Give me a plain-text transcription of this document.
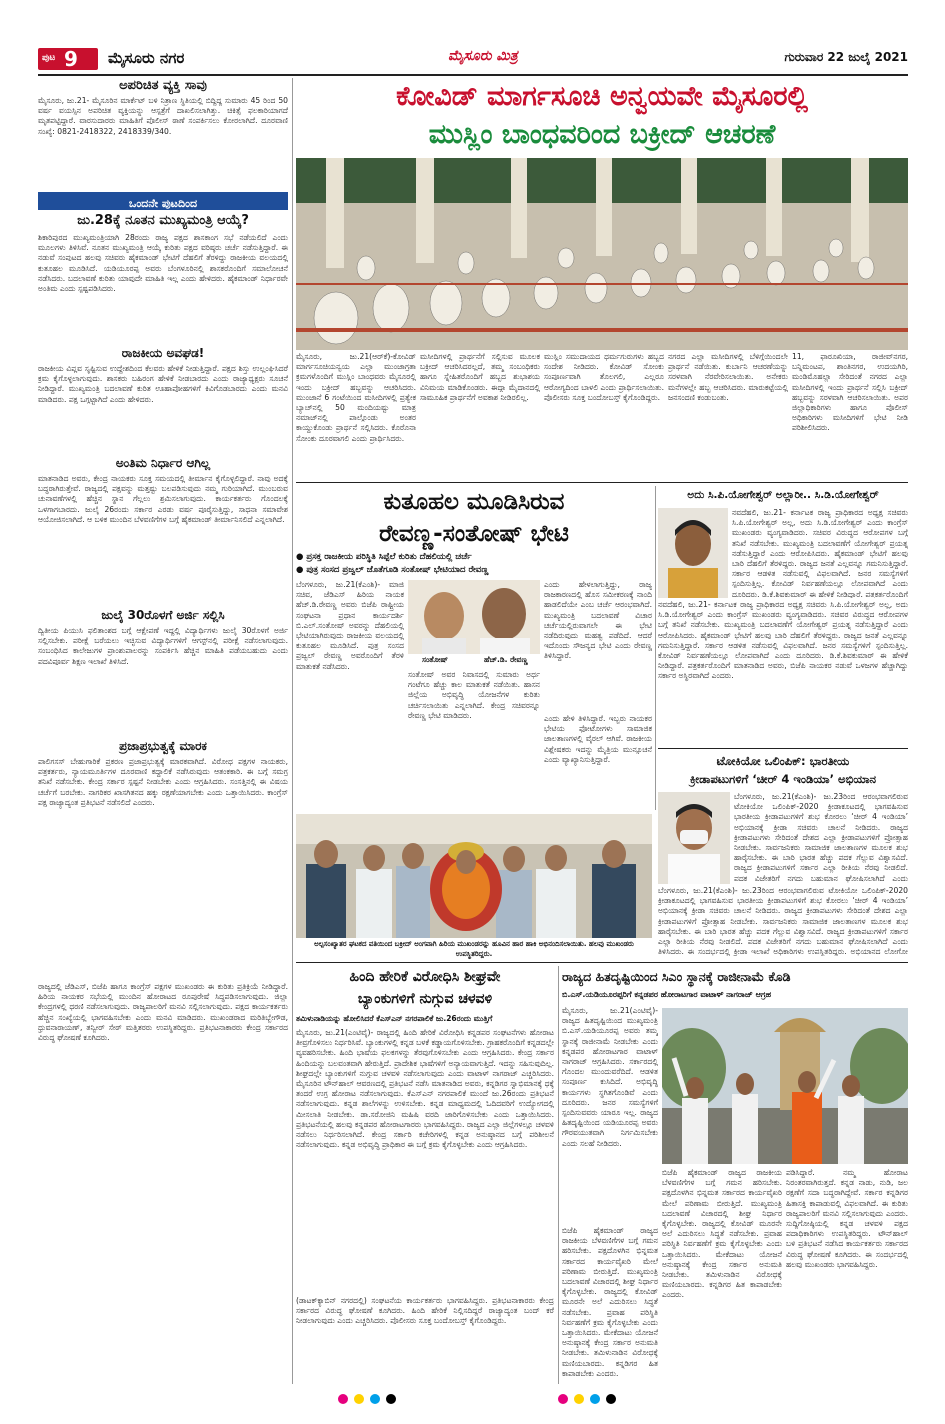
ಪುಟ 9 ಮೈಸೂರು ನಗರ	ಮೈಸೂರು ಮಿತ್ರ	ಗುರುವಾರ 22 ಜುಲೈ 2021
ಅಪರಿಚಿತ ವ್ಯಕ್ತಿ ಸಾವು
ಮೈಸೂರು, ಜು.21- ಮೈಸೂರಿನ ಮಾರ್ಕೆಟ್ ಬಳಿ ನಿತ್ರಾಣ ಸ್ಥಿತಿಯಲ್ಲಿ ಬಿದ್ದಿದ್ದ ಸುಮಾರು 45 ರಿಂದ 50 ವರ್ಷ ವಯಸ್ಸಿನ ಅಪರಿಚಿತ ವ್ಯಕ್ತಿಯನ್ನು ಆಸ್ಪತ್ರೆಗೆ ದಾಖಲಿಸಲಾಗಿತ್ತು. ಚಿಕಿತ್ಸೆ ಫಲಕಾರಿಯಾಗದೆ ಮೃತಪಟ್ಟಿದ್ದಾರೆ. ವಾರಸುದಾರರು ಮಾಹಿತಿಗೆ ಪೊಲೀಸ್ ಠಾಣೆ ಸಂಪರ್ಕಿಸಲು ಕೋರಲಾಗಿದೆ. ದೂರವಾಣಿ ಸಂಖ್ಯೆ: 0821-2418322, 2418339/340.
ಒಂದನೇ ಪುಟದಿಂದ
ಜು.28ಕ್ಕೆ ನೂತನ ಮುಖ್ಯಮಂತ್ರಿ ಆಯ್ಕೆ?
ಶಿಕಾರಿಪುರದ ಮುಖ್ಯಮಂತ್ರಿಯಾಗಿ 28ರಂದು ರಾಜ್ಯ ಪಕ್ಷದ ಶಾಸಕಾಂಗ ಸಭೆ ನಡೆಯಲಿದೆ ಎಂದು ಮೂಲಗಳು ತಿಳಿಸಿವೆ. ನೂತನ ಮುಖ್ಯಮಂತ್ರಿ ಆಯ್ಕೆ ಕುರಿತು ಪಕ್ಷದ ವರಿಷ್ಠರು ಚರ್ಚೆ ನಡೆಸುತ್ತಿದ್ದಾರೆ. ಈ ನಡುವೆ ಸಂಪುಟದ ಹಲವು ಸಚಿವರು ಹೈಕಮಾಂಡ್ ಭೇಟಿಗೆ ದೆಹಲಿಗೆ ತೆರಳಿದ್ದು ರಾಜಕೀಯ ವಲಯದಲ್ಲಿ ಕುತೂಹಲ ಮೂಡಿಸಿದೆ. ಯಡಿಯೂರಪ್ಪ ಅವರು ಬೆಂಗಳೂರಿನಲ್ಲಿ ಶಾಸಕರೊಂದಿಗೆ ಸಮಾಲೋಚನೆ ನಡೆಸಿದರು. ಬದಲಾವಣೆ ಕುರಿತು ಯಾವುದೇ ಮಾಹಿತಿ ಇಲ್ಲ ಎಂದು ಹೇಳಿದರು. ಹೈಕಮಾಂಡ್ ನಿರ್ಧಾರವೇ ಅಂತಿಮ ಎಂದು ಸ್ಪಷ್ಟಪಡಿಸಿದರು.
ರಾಜಕೀಯ ಅವಘಡ!
ರಾಜಕೀಯ ವಿಪ್ಲವ ಸೃಷ್ಟಿಸುವ ಉದ್ದೇಶದಿಂದ ಕೆಲವರು ಹೇಳಿಕೆ ನೀಡುತ್ತಿದ್ದಾರೆ. ಪಕ್ಷದ ಶಿಸ್ತು ಉಲ್ಲಂಘಿಸಿದರೆ ಕ್ರಮ ಕೈಗೊಳ್ಳಲಾಗುವುದು. ಶಾಸಕರು ಬಹಿರಂಗ ಹೇಳಿಕೆ ನೀಡಬಾರದು ಎಂದು ರಾಜ್ಯಾಧ್ಯಕ್ಷರು ಸೂಚನೆ ನೀಡಿದ್ದಾರೆ. ಮುಖ್ಯಮಂತ್ರಿ ಬದಲಾವಣೆ ಕುರಿತ ಊಹಾಪೋಹಗಳಿಗೆ ಕಿವಿಗೊಡಬಾರದು ಎಂದು ಮನವಿ ಮಾಡಿದರು. ಪಕ್ಷ ಒಗ್ಗಟ್ಟಾಗಿದೆ ಎಂದು ಹೇಳಿದರು.
ಅಂತಿಮ ನಿರ್ಧಾರ ಆಗಿಲ್ಲ
ಮಾತನಾಡಿದ ಅವರು, ಕೇಂದ್ರ ನಾಯಕರು ಸೂಕ್ತ ಸಮಯದಲ್ಲಿ ತೀರ್ಮಾನ ಕೈಗೊಳ್ಳಲಿದ್ದಾರೆ. ನಾವು ಅದಕ್ಕೆ ಬದ್ಧರಾಗಿರುತ್ತೇವೆ. ರಾಜ್ಯದಲ್ಲಿ ಪಕ್ಷವನ್ನು ಮತ್ತಷ್ಟು ಬಲಪಡಿಸುವುದು ನಮ್ಮ ಗುರಿಯಾಗಿದೆ. ಮುಂಬರುವ ಚುನಾವಣೆಗಳಲ್ಲಿ ಹೆಚ್ಚಿನ ಸ್ಥಾನ ಗೆಲ್ಲಲು ಶ್ರಮಿಸಲಾಗುವುದು. ಕಾರ್ಯಕರ್ತರು ಗೊಂದಲಕ್ಕೆ ಒಳಗಾಗಬಾರದು. ಜುಲೈ 26ರಂದು ಸರ್ಕಾರ ಎರಡು ವರ್ಷ ಪೂರೈಸುತ್ತಿದ್ದು, ಸಾಧನಾ ಸಮಾವೇಶ ಆಯೋಜಿಸಲಾಗಿದೆ. ಆ ಬಳಿಕ ಮುಂದಿನ ಬೆಳವಣಿಗೆಗಳ ಬಗ್ಗೆ ಹೈಕಮಾಂಡ್ ತೀರ್ಮಾನಿಸಲಿದೆ ಎನ್ನಲಾಗಿದೆ.
ಜುಲೈ 30ರೊಳಗೆ ಅರ್ಜಿ ಸಲ್ಲಿಸಿ
ದ್ವಿತೀಯ ಪಿಯುಸಿ ಫಲಿತಾಂಶದ ಬಗ್ಗೆ ಆಕ್ಷೇಪಣೆ ಇದ್ದಲ್ಲಿ ವಿದ್ಯಾರ್ಥಿಗಳು ಜುಲೈ 30ರೊಳಗೆ ಅರ್ಜಿ ಸಲ್ಲಿಸಬೇಕು. ಪರೀಕ್ಷೆ ಬರೆಯಲು ಇಚ್ಛಿಸುವ ವಿದ್ಯಾರ್ಥಿಗಳಿಗೆ ಆಗಸ್ಟ್‌ನಲ್ಲಿ ಪರೀಕ್ಷೆ ನಡೆಸಲಾಗುವುದು. ಸಂಬಂಧಿಸಿದ ಕಾಲೇಜುಗಳ ಪ್ರಾಂಶುಪಾಲರನ್ನು ಸಂಪರ್ಕಿಸಿ ಹೆಚ್ಚಿನ ಮಾಹಿತಿ ಪಡೆಯಬಹುದು ಎಂದು ಪದವಿಪೂರ್ವ ಶಿಕ್ಷಣ ಇಲಾಖೆ ತಿಳಿಸಿದೆ.
ಪ್ರಜಾಪ್ರಭುತ್ವಕ್ಕೆ ಮಾರಕ
ಪಾಲಿಗಸಸ್ ಬೇಹುಗಾರಿಕೆ ಪ್ರಕರಣ ಪ್ರಜಾಪ್ರಭುತ್ವಕ್ಕೆ ಮಾರಕವಾಗಿದೆ. ವಿರೋಧ ಪಕ್ಷಗಳ ನಾಯಕರು, ಪತ್ರಕರ್ತರು, ನ್ಯಾಯಮೂರ್ತಿಗಳ ದೂರವಾಣಿ ಕದ್ದಾಲಿಕೆ ನಡೆಸಿರುವುದು ಆತಂಕಕಾರಿ. ಈ ಬಗ್ಗೆ ಸಮಗ್ರ ತನಿಖೆ ನಡೆಸಬೇಕು. ಕೇಂದ್ರ ಸರ್ಕಾರ ಸ್ಪಷ್ಟನೆ ನೀಡಬೇಕು ಎಂದು ಆಗ್ರಹಿಸಿದರು. ಸಂಸತ್ತಿನಲ್ಲಿ ಈ ವಿಷಯ ಚರ್ಚೆಗೆ ಬರಬೇಕು. ನಾಗರಿಕರ ಖಾಸಗಿತನದ ಹಕ್ಕು ರಕ್ಷಣೆಯಾಗಬೇಕು ಎಂದು ಒತ್ತಾಯಿಸಿದರು. ಕಾಂಗ್ರೆಸ್ ಪಕ್ಷ ರಾಜ್ಯಾದ್ಯಂತ ಪ್ರತಿಭಟನೆ ನಡೆಸಲಿದೆ ಎಂದರು.
ರಾಜ್ಯದಲ್ಲಿ ಜೆಡಿಎಸ್, ಬಿಜೆಪಿ ಹಾಗೂ ಕಾಂಗ್ರೆಸ್ ಪಕ್ಷಗಳ ಮುಖಂಡರು ಈ ಕುರಿತು ಪ್ರತಿಕ್ರಿಯೆ ನೀಡಿದ್ದಾರೆ. ಹಿರಿಯ ನಾಯಕರ ಸಭೆಯಲ್ಲಿ ಮುಂದಿನ ಹೋರಾಟದ ರೂಪುರೇಷೆ ಸಿದ್ಧಪಡಿಸಲಾಗುವುದು. ಜಿಲ್ಲಾ ಕೇಂದ್ರಗಳಲ್ಲಿ ಧರಣಿ ನಡೆಸಲಾಗುವುದು. ರಾಜ್ಯಪಾಲರಿಗೆ ಮನವಿ ಸಲ್ಲಿಸಲಾಗುವುದು. ಪಕ್ಷದ ಕಾರ್ಯಕರ್ತರು ಹೆಚ್ಚಿನ ಸಂಖ್ಯೆಯಲ್ಲಿ ಭಾಗವಹಿಸಬೇಕು ಎಂದು ಮನವಿ ಮಾಡಿದರು. ಮುಖಂಡರಾದ ಮರಿತಿಬ್ಬೇಗೌಡ, ಧ್ರುವನಾರಾಯಣ್, ತನ್ವೀರ್ ಸೇಠ್ ಮತ್ತಿತರರು ಉಪಸ್ಥಿತರಿದ್ದರು. ಪ್ರತಿಭಟನಾಕಾರರು ಕೇಂದ್ರ ಸರ್ಕಾರದ ವಿರುದ್ಧ ಘೋಷಣೆ ಕೂಗಿದರು.
ಕೋವಿಡ್ ಮಾರ್ಗಸೂಚಿ ಅನ್ವಯವೇ ಮೈಸೂರಲ್ಲಿ
ಮುಸ್ಲಿಂ ಬಾಂಧವರಿಂದ ಬಕ್ರೀದ್ ಆಚರಣೆ
ಮೈಸೂರು, ಜು.21(ಆರ್‌ಕೆ)-ಕೋವಿಡ್ ಮಾರ್ಗಸೂಚಿಯನ್ವಯ ಎಲ್ಲಾ ಮುಂಜಾಗ್ರತಾ ಕ್ರಮಗಳೊಂದಿಗೆ ಮುಸ್ಲಿಂ ಬಾಂಧವರು ಮೈಸೂರಲ್ಲಿ ಇಂದು ಬಕ್ರೀದ್ ಹಬ್ಬವನ್ನು ಆಚರಿಸಿದರು. ಮುಂಜಾನೆ 6 ಗಂಟೆಯಿಂದ ಮಸೀದಿಗಳಲ್ಲಿ ಪ್ರತ್ಯೇಕ ಬ್ಯಾಚ್‌ನಲ್ಲಿ 50 ಮಂದಿಯಷ್ಟು ಮಾತ್ರ ನಮಾಜ್‌ನಲ್ಲಿ ಪಾಲ್ಗೊಂಡು ಅಂತರ ಕಾಯ್ದುಕೊಂಡು ಪ್ರಾರ್ಥನೆ ಸಲ್ಲಿಸಿದರು. ಕೊರೊನಾ ಸೋಂಕು ದೂರವಾಗಲಿ ಎಂದು ಪ್ರಾರ್ಥಿಸಿದರು.
ಮಸೀದಿಗಳಲ್ಲಿ ಪ್ರಾರ್ಥನೆಗೆ ಸಲ್ಲಿಸುವ ಮೂಲಕ ಬಕ್ರೀದ್ ಆಚರಿಸಿದರಲ್ಲದೆ, ತಮ್ಮ ಸಂಬಂಧಿಕರು ಹಾಗೂ ಸ್ನೇಹಿತರೊಂದಿಗೆ ಹಬ್ಬದ ಶುಭಾಶಯ ವಿನಿಮಯ ಮಾಡಿಕೊಂಡರು. ಈದ್ಗಾ ಮೈದಾನದಲ್ಲಿ ಸಾಮೂಹಿಕ ಪ್ರಾರ್ಥನೆಗೆ ಅವಕಾಶ ನೀಡಿರಲಿಲ್ಲ.
ಮುಸ್ಲಿಂ ಸಮುದಾಯದ ಧರ್ಮಗುರುಗಳು ಹಬ್ಬದ ಸಂದೇಶ ನೀಡಿದರು. ಕೋವಿಡ್ ಸೋಂಕು ಸಂಪೂರ್ಣವಾಗಿ ತೊಲಗಲಿ, ಎಲ್ಲರೂ ಆರೋಗ್ಯದಿಂದ ಬಾಳಲಿ ಎಂದು ಪ್ರಾರ್ಥಿಸಲಾಯಿತು. ಪೊಲೀಸರು ಸೂಕ್ತ ಬಂದೋಬಸ್ತ್ ಕೈಗೊಂಡಿದ್ದರು.
ನಗರದ ಎಲ್ಲಾ ಮಸೀದಿಗಳಲ್ಲಿ ಬೆಳಿಗ್ಗೆಯಿಂದಲೇ ಪ್ರಾರ್ಥನೆ ನಡೆಯಿತು. ಕುರ್ಬಾನಿ ಆಚರಣೆಯನ್ನು ಸರಳವಾಗಿ ನೆರವೇರಿಸಲಾಯಿತು. ಅನೇಕರು ಮನೆಗಳಲ್ಲೇ ಹಬ್ಬ ಆಚರಿಸಿದರು. ಮಾರುಕಟ್ಟೆಯಲ್ಲಿ ಜನಸಂದಣಿ ಕಂಡುಬಂತು.
11, ಫಾರೂಖಿಯಾ, ರಾಜೀವ್‌ನಗರ, ಬನ್ನಿಮಂಟಪ, ಶಾಂತಿನಗರ, ಉದಯಗಿರಿ, ಮಂಡಿಮೊಹಲ್ಲಾ ಸೇರಿದಂತೆ ನಗರದ ಎಲ್ಲಾ ಮಸೀದಿಗಳಲ್ಲಿ ಇಂದು ಪ್ರಾರ್ಥನೆ ಸಲ್ಲಿಸಿ ಬಕ್ರೀದ್ ಹಬ್ಬವನ್ನು ಸರಳವಾಗಿ ಆಚರಿಸಲಾಯಿತು. ಅಪರ ಜಿಲ್ಲಾಧಿಕಾರಿಗಳು ಹಾಗೂ ಪೊಲೀಸ್ ಅಧಿಕಾರಿಗಳು ಮಸೀದಿಗಳಿಗೆ ಭೇಟಿ ನೀಡಿ ಪರಿಶೀಲಿಸಿದರು.
ಕುತೂಹಲ ಮೂಡಿಸಿರುವ
ರೇವಣ್ಣ-ಸಂತೋಷ್ ಭೇಟಿ
● ಪ್ರಸಕ್ತ ರಾಜಕೀಯ ಪರಿಸ್ಥಿತಿ ಸಿಪ್ಪೆಲೆ ಕುರಿತು ದೆಹಲಿಯಲ್ಲಿ ಚರ್ಚೆ
● ಪುತ್ರ ಸಂಸದ ಪ್ರಜ್ವಲ್ ಜೊತೆಗೂಡಿ ಸಂತೋಷ್ ಭೇಟಿಯಾದ ರೇವಣ್ಣ
ಬೆಂಗಳೂರು, ಜು.21(ಕೆಎಂಶಿ)- ಮಾಜಿ ಸಚಿವ, ಜೆಡಿಎಸ್ ಹಿರಿಯ ನಾಯಕ ಹೆಚ್.ಡಿ.ರೇವಣ್ಣ ಅವರು ಬಿಜೆಪಿ ರಾಷ್ಟ್ರೀಯ ಸಂಘಟನಾ ಪ್ರಧಾನ ಕಾರ್ಯದರ್ಶಿ ಬಿ.ಎಲ್.ಸಂತೋಷ್ ಅವರನ್ನು ದೆಹಲಿಯಲ್ಲಿ ಭೇಟಿಯಾಗಿರುವುದು ರಾಜಕೀಯ ವಲಯದಲ್ಲಿ ಕುತೂಹಲ ಮೂಡಿಸಿದೆ. ಪುತ್ರ ಸಂಸದ ಪ್ರಜ್ವಲ್ ರೇವಣ್ಣ ಅವರೊಂದಿಗೆ ತೆರಳಿ ಮಾತುಕತೆ ನಡೆಸಿದರು.
ಸಂತೋಷ್	ಹೆಚ್.ಡಿ. ರೇವಣ್ಣ
ಸಂತೋಷ್ ಅವರ ನಿವಾಸದಲ್ಲಿ ಸುಮಾರು ಅರ್ಧ ಗಂಟೆಗೂ ಹೆಚ್ಚು ಕಾಲ ಮಾತುಕತೆ ನಡೆಯಿತು. ಹಾಸನ ಜಿಲ್ಲೆಯ ಅಭಿವೃದ್ಧಿ ಯೋಜನೆಗಳ ಕುರಿತು ಚರ್ಚಿಸಲಾಯಿತು ಎನ್ನಲಾಗಿದೆ. ಕೇಂದ್ರ ಸಚಿವರನ್ನೂ ರೇವಣ್ಣ ಭೇಟಿ ಮಾಡಿದರು.
ಎಂದು ಹೇಳಲಾಗುತ್ತಿದ್ದು, ರಾಜ್ಯ ರಾಜಕಾರಣದಲ್ಲಿ ಹೊಸ ಸಮೀಕರಣಕ್ಕೆ ನಾಂದಿ ಹಾಡಲಿದೆಯೇ ಎಂಬ ಚರ್ಚೆ ಆರಂಭವಾಗಿದೆ. ಮುಖ್ಯಮಂತ್ರಿ ಬದಲಾವಣೆ ವಿಚಾರ ಚರ್ಚೆಯಲ್ಲಿರುವಾಗಲೇ ಈ ಭೇಟಿ ನಡೆದಿರುವುದು ಮಹತ್ವ ಪಡೆದಿದೆ. ಆದರೆ ಇದೊಂದು ಸೌಜನ್ಯದ ಭೇಟಿ ಎಂದು ರೇವಣ್ಣ ತಿಳಿಸಿದ್ದಾರೆ.
ಎಂದು ಹೇಳಿ ತಿಳಿಸಿದ್ದಾರೆ. ಇಬ್ಬರು ನಾಯಕರ ಭೇಟಿಯ ಫೋಟೋಗಳು ಸಾಮಾಜಿಕ ಜಾಲತಾಣಗಳಲ್ಲಿ ವೈರಲ್ ಆಗಿವೆ. ರಾಜಕೀಯ ವಿಶ್ಲೇಷಕರು ಇದನ್ನು ಮೈತ್ರಿಯ ಮುನ್ಸೂಚನೆ ಎಂದು ವ್ಯಾಖ್ಯಾನಿಸುತ್ತಿದ್ದಾರೆ.
ಅಲ್ಪಸಂಖ್ಯಾತರ ಘಟಕದ ವತಿಯಿಂದ ಬಕ್ರೀದ್ ಅಂಗವಾಗಿ ಹಿರಿಯ ಮುಖಂಡರನ್ನು ಹೂವಿನ ಹಾರ ಹಾಕಿ ಅಭಿನಂದಿಸಲಾಯಿತು. ಹಲವು ಮುಖಂಡರು ಉಪಸ್ಥಿತರಿದ್ದರು.
ಅದು ಸಿ.ಪಿ.ಯೋಗೇಶ್ವರ್ ಅಲ್ಲಾರೀ.. ಸಿ.ಡಿ.ಯೋಗೇಶ್ವರ್
ನವದೆಹಲಿ, ಜು.21- ಕರ್ನಾಟಕ ರಾಜ್ಯ ಪ್ರಾಧಿಕಾರದ ಅಧ್ಯಕ್ಷ ಸಚಿವರು ಸಿ.ಪಿ.ಯೋಗೇಶ್ವರ್ ಅಲ್ಲ, ಅದು ಸಿ.ಡಿ.ಯೋಗೇಶ್ವರ್ ಎಂದು ಕಾಂಗ್ರೆಸ್ ಮುಖಂಡರು ವ್ಯಂಗ್ಯವಾಡಿದರು. ಸಚಿವರ ವಿರುದ್ಧದ ಆರೋಪಗಳ ಬಗ್ಗೆ ತನಿಖೆ ನಡೆಸಬೇಕು. ಮುಖ್ಯಮಂತ್ರಿ ಬದಲಾವಣೆಗೆ ಯೋಗೇಶ್ವರ್ ಪ್ರಯತ್ನ ನಡೆಸುತ್ತಿದ್ದಾರೆ ಎಂದು ಆರೋಪಿಸಿದರು. ಹೈಕಮಾಂಡ್ ಭೇಟಿಗೆ ಹಲವು ಬಾರಿ ದೆಹಲಿಗೆ ತೆರಳಿದ್ದರು. ರಾಜ್ಯದ ಜನತೆ ಎಲ್ಲವನ್ನೂ ಗಮನಿಸುತ್ತಿದ್ದಾರೆ. ಸರ್ಕಾರ ಆಡಳಿತ ನಡೆಸುವಲ್ಲಿ ವಿಫಲವಾಗಿದೆ. ಜನರ ಸಮಸ್ಯೆಗಳಿಗೆ ಸ್ಪಂದಿಸುತ್ತಿಲ್ಲ. ಕೋವಿಡ್ ನಿರ್ವಹಣೆಯಲ್ಲೂ ಲೋಪವಾಗಿದೆ ಎಂದು ದೂರಿದರು. ಡಿ.ಕೆ.ಶಿವಕುಮಾರ್ ಈ ಹೇಳಿಕೆ ನೀಡಿದ್ದಾರೆ. ಪತ್ರಕರ್ತರೊಂದಿಗೆ
ನವದೆಹಲಿ, ಜು.21- ಕರ್ನಾಟಕ ರಾಜ್ಯ ಪ್ರಾಧಿಕಾರದ ಅಧ್ಯಕ್ಷ ಸಚಿವರು ಸಿ.ಪಿ.ಯೋಗೇಶ್ವರ್ ಅಲ್ಲ, ಅದು ಸಿ.ಡಿ.ಯೋಗೇಶ್ವರ್ ಎಂದು ಕಾಂಗ್ರೆಸ್ ಮುಖಂಡರು ವ್ಯಂಗ್ಯವಾಡಿದರು. ಸಚಿವರ ವಿರುದ್ಧದ ಆರೋಪಗಳ ಬಗ್ಗೆ ತನಿಖೆ ನಡೆಸಬೇಕು. ಮುಖ್ಯಮಂತ್ರಿ ಬದಲಾವಣೆಗೆ ಯೋಗೇಶ್ವರ್ ಪ್ರಯತ್ನ ನಡೆಸುತ್ತಿದ್ದಾರೆ ಎಂದು ಆರೋಪಿಸಿದರು. ಹೈಕಮಾಂಡ್ ಭೇಟಿಗೆ ಹಲವು ಬಾರಿ ದೆಹಲಿಗೆ ತೆರಳಿದ್ದರು. ರಾಜ್ಯದ ಜನತೆ ಎಲ್ಲವನ್ನೂ ಗಮನಿಸುತ್ತಿದ್ದಾರೆ. ಸರ್ಕಾರ ಆಡಳಿತ ನಡೆಸುವಲ್ಲಿ ವಿಫಲವಾಗಿದೆ. ಜನರ ಸಮಸ್ಯೆಗಳಿಗೆ ಸ್ಪಂದಿಸುತ್ತಿಲ್ಲ. ಕೋವಿಡ್ ನಿರ್ವಹಣೆಯಲ್ಲೂ ಲೋಪವಾಗಿದೆ ಎಂದು ದೂರಿದರು. ಡಿ.ಕೆ.ಶಿವಕುಮಾರ್ ಈ ಹೇಳಿಕೆ ನೀಡಿದ್ದಾರೆ. ಪತ್ರಕರ್ತರೊಂದಿಗೆ ಮಾತನಾಡಿದ ಅವರು, ಬಿಜೆಪಿ ನಾಯಕರ ನಡುವೆ ಒಳಜಗಳ ಹೆಚ್ಚಾಗಿದ್ದು ಸರ್ಕಾರ ಅಸ್ಥಿರವಾಗಿದೆ ಎಂದರು.
ಟೋಕಿಯೋ ಒಲಿಂಪಿಕ್: ಭಾರತೀಯ
ಕ್ರೀಡಾಪಟುಗಳಿಗೆ ‘ಚೀರ್ 4 ಇಂಡಿಯಾ’ ಅಭಿಯಾನ
ಬೆಂಗಳೂರು, ಜು.21(ಕೆಎಂಶಿ)- ಜು.23ರಿಂದ ಆರಂಭವಾಗಲಿರುವ ಟೋಕಿಯೋ ಒಲಿಂಪಿಕ್-2020 ಕ್ರೀಡಾಕೂಟದಲ್ಲಿ ಭಾಗವಹಿಸುವ ಭಾರತೀಯ ಕ್ರೀಡಾಪಟುಗಳಿಗೆ ಶುಭ ಕೋರಲು ‘ಚೀರ್ 4 ಇಂಡಿಯಾ’ ಅಭಿಯಾನಕ್ಕೆ ಕ್ರೀಡಾ ಸಚಿವರು ಚಾಲನೆ ನೀಡಿದರು. ರಾಜ್ಯದ ಕ್ರೀಡಾಪಟುಗಳು ಸೇರಿದಂತೆ ದೇಶದ ಎಲ್ಲಾ ಕ್ರೀಡಾಪಟುಗಳಿಗೆ ಪ್ರೋತ್ಸಾಹ ನೀಡಬೇಕು. ಸಾರ್ವಜನಿಕರು ಸಾಮಾಜಿಕ ಜಾಲತಾಣಗಳ ಮೂಲಕ ಶುಭ ಹಾರೈಸಬೇಕು. ಈ ಬಾರಿ ಭಾರತ ಹೆಚ್ಚು ಪದಕ ಗೆಲ್ಲುವ ವಿಶ್ವಾಸವಿದೆ. ರಾಜ್ಯದ ಕ್ರೀಡಾಪಟುಗಳಿಗೆ ಸರ್ಕಾರ ಎಲ್ಲಾ ರೀತಿಯ ನೆರವು ನೀಡಲಿದೆ. ಪದಕ ವಿಜೇತರಿಗೆ ನಗದು ಬಹುಮಾನ ಘೋಷಿಸಲಾಗಿದೆ ಎಂದು
ಬೆಂಗಳೂರು, ಜು.21(ಕೆಎಂಶಿ)- ಜು.23ರಿಂದ ಆರಂಭವಾಗಲಿರುವ ಟೋಕಿಯೋ ಒಲಿಂಪಿಕ್-2020 ಕ್ರೀಡಾಕೂಟದಲ್ಲಿ ಭಾಗವಹಿಸುವ ಭಾರತೀಯ ಕ್ರೀಡಾಪಟುಗಳಿಗೆ ಶುಭ ಕೋರಲು ‘ಚೀರ್ 4 ಇಂಡಿಯಾ’ ಅಭಿಯಾನಕ್ಕೆ ಕ್ರೀಡಾ ಸಚಿವರು ಚಾಲನೆ ನೀಡಿದರು. ರಾಜ್ಯದ ಕ್ರೀಡಾಪಟುಗಳು ಸೇರಿದಂತೆ ದೇಶದ ಎಲ್ಲಾ ಕ್ರೀಡಾಪಟುಗಳಿಗೆ ಪ್ರೋತ್ಸಾಹ ನೀಡಬೇಕು. ಸಾರ್ವಜನಿಕರು ಸಾಮಾಜಿಕ ಜಾಲತಾಣಗಳ ಮೂಲಕ ಶುಭ ಹಾರೈಸಬೇಕು. ಈ ಬಾರಿ ಭಾರತ ಹೆಚ್ಚು ಪದಕ ಗೆಲ್ಲುವ ವಿಶ್ವಾಸವಿದೆ. ರಾಜ್ಯದ ಕ್ರೀಡಾಪಟುಗಳಿಗೆ ಸರ್ಕಾರ ಎಲ್ಲಾ ರೀತಿಯ ನೆರವು ನೀಡಲಿದೆ. ಪದಕ ವಿಜೇತರಿಗೆ ನಗದು ಬಹುಮಾನ ಘೋಷಿಸಲಾಗಿದೆ ಎಂದು ತಿಳಿಸಿದರು. ಈ ಸಂದರ್ಭದಲ್ಲಿ ಕ್ರೀಡಾ ಇಲಾಖೆ ಅಧಿಕಾರಿಗಳು ಉಪಸ್ಥಿತರಿದ್ದರು. ಅಭಿಯಾನದ ಲೋಗೋ
ಹಿಂದಿ ಹೇರಿಕೆ ವಿರೋಧಿಸಿ ಶೀಘ್ರವೇ
ಬ್ಯಾಂಕುಗಳಿಗೆ ನುಗ್ಗುವ ಚಳವಳಿ
ತಮಿಳುನಾಡಿಯನ್ನು ಹೋಲಿಸಿದರೆ ಕೆಎಸ್‌ಎನ್ ನಗರಪಾಲಿಕೆ ಜು.26ರಂದು ಮುತ್ತಿಗೆ
ಮೈಸೂರು, ಜು.21(ಎಂಟಿವೈ)- ರಾಜ್ಯದಲ್ಲಿ ಹಿಂದಿ ಹೇರಿಕೆ ವಿರೋಧಿಸಿ ಕನ್ನಡಪರ ಸಂಘಟನೆಗಳು ಹೋರಾಟ ತೀವ್ರಗೊಳಿಸಲು ನಿರ್ಧರಿಸಿವೆ. ಬ್ಯಾಂಕುಗಳಲ್ಲಿ ಕನ್ನಡ ಬಳಕೆ ಕಡ್ಡಾಯಗೊಳಿಸಬೇಕು. ಗ್ರಾಹಕರೊಂದಿಗೆ ಕನ್ನಡದಲ್ಲೇ ವ್ಯವಹರಿಸಬೇಕು. ಹಿಂದಿ ಭಾಷೆಯ ಫಲಕಗಳನ್ನು ತೆರವುಗೊಳಿಸಬೇಕು ಎಂದು ಆಗ್ರಹಿಸಿದರು. ಕೇಂದ್ರ ಸರ್ಕಾರ ಹಿಂದಿಯನ್ನು ಬಲವಂತವಾಗಿ ಹೇರುತ್ತಿದೆ. ಪ್ರಾದೇಶಿಕ ಭಾಷೆಗಳಿಗೆ ಅನ್ಯಾಯವಾಗುತ್ತಿದೆ. ಇದನ್ನು ಸಹಿಸುವುದಿಲ್ಲ. ಶೀಘ್ರದಲ್ಲೇ ಬ್ಯಾಂಕುಗಳಿಗೆ ನುಗ್ಗುವ ಚಳವಳಿ ನಡೆಸಲಾಗುವುದು ಎಂದು ವಾಟಾಳ್ ನಾಗರಾಜ್ ಎಚ್ಚರಿಸಿದರು. ಮೈಸೂರಿನ ಟೌನ್‌ಹಾಲ್ ಆವರಣದಲ್ಲಿ ಪ್ರತಿಭಟನೆ ನಡೆಸಿ ಮಾತನಾಡಿದ ಅವರು, ಕನ್ನಡಿಗರ ಸ್ವಾಭಿಮಾನಕ್ಕೆ ಧಕ್ಕೆ ತಂದರೆ ಉಗ್ರ ಹೋರಾಟ ನಡೆಸಲಾಗುವುದು. ಕೆಎಸ್‌ಎನ್ ನಗರಪಾಲಿಕೆ ಮುಂದೆ ಜು.26ರಂದು ಪ್ರತಿಭಟನೆ ನಡೆಸಲಾಗುವುದು. ಕನ್ನಡ ಶಾಲೆಗಳನ್ನು ಉಳಿಸಬೇಕು. ಕನ್ನಡ ಮಾಧ್ಯಮದಲ್ಲಿ ಓದಿದವರಿಗೆ ಉದ್ಯೋಗದಲ್ಲಿ ಮೀಸಲಾತಿ ನೀಡಬೇಕು. ಡಾ.ಸರೋಜಿನಿ ಮಹಿಷಿ ವರದಿ ಜಾರಿಗೊಳಿಸಬೇಕು ಎಂದು ಒತ್ತಾಯಿಸಿದರು. ಪ್ರತಿಭಟನೆಯಲ್ಲಿ ಹಲವು ಕನ್ನಡಪರ ಹೋರಾಟಗಾರರು ಭಾಗವಹಿಸಿದ್ದರು. ರಾಜ್ಯದ ಎಲ್ಲಾ ಜಿಲ್ಲೆಗಳಲ್ಲೂ ಚಳವಳಿ ನಡೆಸಲು ನಿರ್ಧರಿಸಲಾಗಿದೆ. ಕೇಂದ್ರ ಸರ್ಕಾರಿ ಕಚೇರಿಗಳಲ್ಲಿ ಕನ್ನಡ ಅನುಷ್ಠಾನದ ಬಗ್ಗೆ ಪರಿಶೀಲನೆ ನಡೆಸಲಾಗುವುದು. ಕನ್ನಡ ಅಭಿವೃದ್ಧಿ ಪ್ರಾಧಿಕಾರ ಈ ಬಗ್ಗೆ ಕ್ರಮ ಕೈಗೊಳ್ಳಬೇಕು ಎಂದು ಆಗ್ರಹಿಸಿದರು.
(ಡಾಟಕ್‌ಕ್ಯಾಬಿನ್ ನಗರದಲ್ಲಿ) ಸಂಘಟನೆಯ ಕಾರ್ಯಕರ್ತರು ಭಾಗವಹಿಸಿದ್ದರು. ಪ್ರತಿಭಟನಾಕಾರರು ಕೇಂದ್ರ ಸರ್ಕಾರದ ವಿರುದ್ಧ ಘೋಷಣೆ ಕೂಗಿದರು. ಹಿಂದಿ ಹೇರಿಕೆ ನಿಲ್ಲಿಸದಿದ್ದರೆ ರಾಜ್ಯಾದ್ಯಂತ ಬಂದ್ ಕರೆ ನೀಡಲಾಗುವುದು ಎಂದು ಎಚ್ಚರಿಸಿದರು. ಪೊಲೀಸರು ಸೂಕ್ತ ಬಂದೋಬಸ್ತ್ ಕೈಗೊಂಡಿದ್ದರು.
ರಾಜ್ಯದ ಹಿತದೃಷ್ಟಿಯಿಂದ ಸಿಎಂ ಸ್ಥಾನಕ್ಕೆ ರಾಜೀನಾಮೆ ಕೊಡಿ
ಬಿ.ಎಸ್.ಯಡಿಯೂರಪ್ಪರಿಗೆ ಕನ್ನಡಪರ ಹೋರಾಟಗಾರ ವಾಟಾಳ್ ನಾಗರಾಜ್ ಆಗ್ರಹ
ಮೈಸೂರು, ಜು.21(ಎಂಟಿವೈ)- ರಾಜ್ಯದ ಹಿತದೃಷ್ಟಿಯಿಂದ ಮುಖ್ಯಮಂತ್ರಿ ಬಿ.ಎಸ್.ಯಡಿಯೂರಪ್ಪ ಅವರು ತಮ್ಮ ಸ್ಥಾನಕ್ಕೆ ರಾಜೀನಾಮೆ ನೀಡಬೇಕು ಎಂದು ಕನ್ನಡಪರ ಹೋರಾಟಗಾರ ವಾಟಾಳ್ ನಾಗರಾಜ್ ಆಗ್ರಹಿಸಿದರು. ಸರ್ಕಾರದಲ್ಲಿ ಗೊಂದಲ ಮುಂದುವರೆದಿದೆ. ಆಡಳಿತ ಸಂಪೂರ್ಣ ಕುಸಿದಿದೆ. ಅಭಿವೃದ್ಧಿ ಕಾರ್ಯಗಳು ಸ್ಥಗಿತಗೊಂಡಿವೆ ಎಂದು ದೂರಿದರು. ಜನರ ಸಮಸ್ಯೆಗಳಿಗೆ ಸ್ಪಂದಿಸುವವರು ಯಾರೂ ಇಲ್ಲ. ರಾಜ್ಯದ ಹಿತದೃಷ್ಟಿಯಿಂದ ಯಡಿಯೂರಪ್ಪ ಅವರು ಗೌರವಯುತವಾಗಿ ನಿರ್ಗಮಿಸಬೇಕು ಎಂದು ಸಲಹೆ ನೀಡಿದರು.
ಬಿಜೆಪಿ ಹೈಕಮಾಂಡ್ ರಾಜ್ಯದ ರಾಜಕೀಯ ಬೆಳವಣಿಗೆಗಳ ಬಗ್ಗೆ ಗಮನ ಹರಿಸಬೇಕು. ಪಕ್ಷದೊಳಗಿನ ಭಿನ್ನಮತ ಸರ್ಕಾರದ ಕಾರ್ಯವೈಖರಿ ಮೇಲೆ ಪರಿಣಾಮ ಬೀರುತ್ತಿದೆ. ಮುಖ್ಯಮಂತ್ರಿ ಬದಲಾವಣೆ ವಿಚಾರದಲ್ಲಿ ಶೀಘ್ರ ನಿರ್ಧಾರ ಕೈಗೊಳ್ಳಬೇಕು. ರಾಜ್ಯದಲ್ಲಿ ಕೋವಿಡ್ ಮೂರನೇ ಅಲೆ ಎದುರಿಸಲು ಸಿದ್ಧತೆ ನಡೆಸಬೇಕು. ಪ್ರವಾಹ ಪರಿಸ್ಥಿತಿ ನಿರ್ವಹಣೆಗೆ ಕ್ರಮ ಕೈಗೊಳ್ಳಬೇಕು ಎಂದು ಒತ್ತಾಯಿಸಿದರು. ಮೇಕೆದಾಟು ಯೋಜನೆ ಅನುಷ್ಠಾನಕ್ಕೆ ಕೇಂದ್ರ ಸರ್ಕಾರ ಅನುಮತಿ ನೀಡಬೇಕು. ತಮಿಳುನಾಡಿನ ವಿರೋಧಕ್ಕೆ ಮಣಿಯಬಾರದು. ಕನ್ನಡಿಗರ ಹಿತ ಕಾಪಾಡಬೇಕು ಎಂದರು.
ಪಡಿಸಿದ್ದಾರೆ. ನಮ್ಮ ಹೋರಾಟ ನಿರಂತರವಾಗಿರುತ್ತದೆ. ಕನ್ನಡ ನಾಡು, ನುಡಿ, ಜಲ ರಕ್ಷಣೆಗೆ ಸದಾ ಬದ್ಧರಾಗಿದ್ದೇವೆ. ಸರ್ಕಾರ ಕನ್ನಡಿಗರ ಹಿತಾಸಕ್ತಿ ಕಾಪಾಡುವಲ್ಲಿ ವಿಫಲವಾಗಿದೆ. ಈ ಕುರಿತು ರಾಜ್ಯಪಾಲರಿಗೆ ಮನವಿ ಸಲ್ಲಿಸಲಾಗುವುದು ಎಂದರು. ಸುದ್ದಿಗೋಷ್ಠಿಯಲ್ಲಿ ಕನ್ನಡ ಚಳವಳಿ ಪಕ್ಷದ ಪದಾಧಿಕಾರಿಗಳು ಉಪಸ್ಥಿತರಿದ್ದರು. ಟೌನ್‌ಹಾಲ್ ಬಳಿ ಪ್ರತಿಭಟನೆ ನಡೆಸಿದ ಕಾರ್ಯಕರ್ತರು ಸರ್ಕಾರದ ವಿರುದ್ಧ ಘೋಷಣೆ ಕೂಗಿದರು. ಈ ಸಂದರ್ಭದಲ್ಲಿ ಹಲವು ಮುಖಂಡರು ಭಾಗವಹಿಸಿದ್ದರು.
ಬಿಜೆಪಿ ಹೈಕಮಾಂಡ್ ರಾಜ್ಯದ ರಾಜಕೀಯ ಬೆಳವಣಿಗೆಗಳ ಬಗ್ಗೆ ಗಮನ ಹರಿಸಬೇಕು. ಪಕ್ಷದೊಳಗಿನ ಭಿನ್ನಮತ ಸರ್ಕಾರದ ಕಾರ್ಯವೈಖರಿ ಮೇಲೆ ಪರಿಣಾಮ ಬೀರುತ್ತಿದೆ. ಮುಖ್ಯಮಂತ್ರಿ ಬದಲಾವಣೆ ವಿಚಾರದಲ್ಲಿ ಶೀಘ್ರ ನಿರ್ಧಾರ ಕೈಗೊಳ್ಳಬೇಕು. ರಾಜ್ಯದಲ್ಲಿ ಕೋವಿಡ್ ಮೂರನೇ ಅಲೆ ಎದುರಿಸಲು ಸಿದ್ಧತೆ ನಡೆಸಬೇಕು. ಪ್ರವಾಹ ಪರಿಸ್ಥಿತಿ ನಿರ್ವಹಣೆಗೆ ಕ್ರಮ ಕೈಗೊಳ್ಳಬೇಕು ಎಂದು ಒತ್ತಾಯಿಸಿದರು. ಮೇಕೆದಾಟು ಯೋಜನೆ ಅನುಷ್ಠಾನಕ್ಕೆ ಕೇಂದ್ರ ಸರ್ಕಾರ ಅನುಮತಿ ನೀಡಬೇಕು. ತಮಿಳುನಾಡಿನ ವಿರೋಧಕ್ಕೆ ಮಣಿಯಬಾರದು. ಕನ್ನಡಿಗರ ಹಿತ ಕಾಪಾಡಬೇಕು ಎಂದರು.
